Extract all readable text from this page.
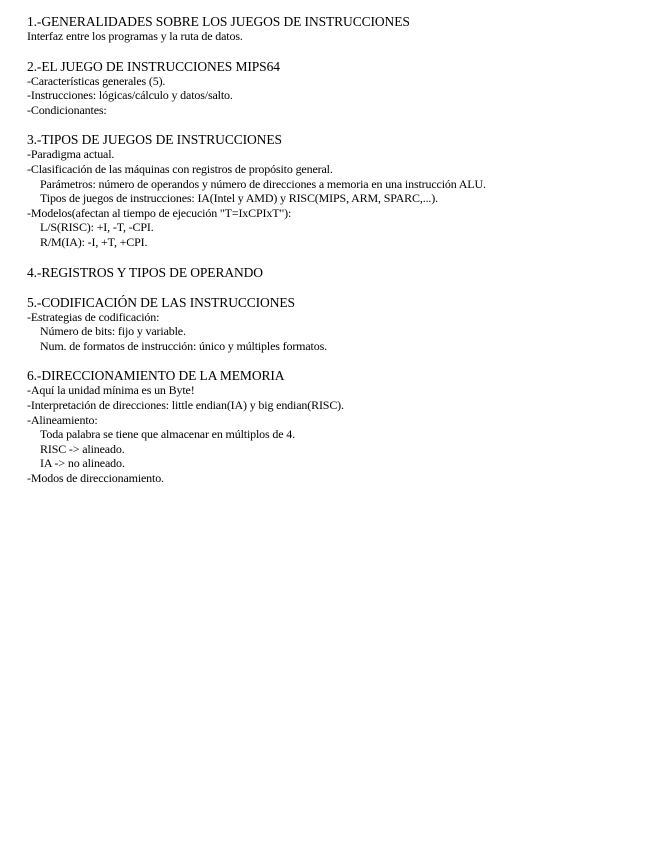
1.-GENERALIDADES SOBRE LOS JUEGOS DE INSTRUCCIONES
Interfaz entre los programas y la ruta de datos.
2.-EL JUEGO DE INSTRUCCIONES MIPS64
-Características generales (5).
-Instrucciones: lógicas/cálculo y datos/salto.
-Condicionantes:
3.-TIPOS DE JUEGOS DE INSTRUCCIONES
-Paradigma actual.
-Clasificación de las máquinas con registros de propósito general.
Parámetros: número de operandos y número de direcciones a memoria en una instrucción ALU.
Tipos de juegos de instrucciones: IA(Intel y AMD) y RISC(MIPS, ARM, SPARC,...).
-Modelos(afectan al tiempo de ejecución "T=IxCPIxT"):
L/S(RISC): +I, -T, -CPI.
R/M(IA): -I, +T, +CPI.
4.-REGISTROS Y TIPOS DE OPERANDO
5.-CODIFICACIÓN DE LAS INSTRUCCIONES
-Estrategias de codificación:
Número de bits: fijo y variable.
Num. de formatos de instrucción: único y múltiples formatos.
6.-DIRECCIONAMIENTO DE LA MEMORIA
-Aquí la unidad mínima es un Byte!
-Interpretación de direcciones: little endian(IA) y big endian(RISC).
-Alineamiento:
Toda palabra se tiene que almacenar en múltiplos de 4.
RISC -> alineado.
IA -> no alineado.
-Modos de direccionamiento.
